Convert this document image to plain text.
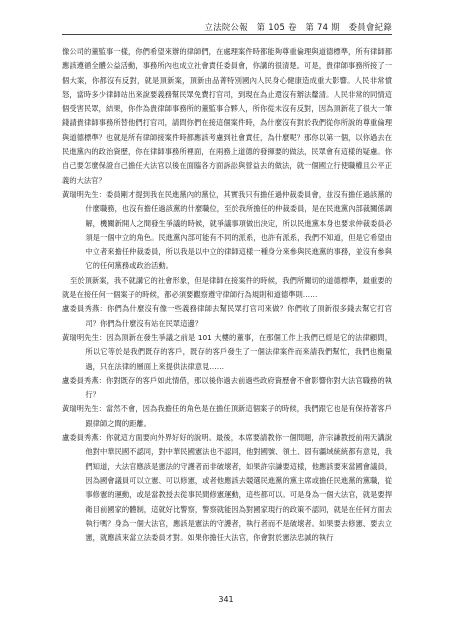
立法院公報　第 105 卷　第 74 期　委員會紀錄

像公司的董監事一樣，你們希望來辦的律師們，在處理案件時都能夠尊重倫理與道德標準，所有律師都應該遵循全體公益活動，事務所內也成立社會責任委員會，你講的很清楚。可是，貴律師事務所接了一個大案，你都沒有反對，就是頂新案，頂新由品菁特別國內人民身心健康造成重大影響。人民非常憤怒，當時多少律師站出來說要義務幫民眾免費打官司，到現在為止還沒有辦法釐清。人民非常的同情這個受害民眾，結果，你作為貴律師事務所的董監事合夥人，所你從未沒有反對，因為頂新花了很大一筆錢請貴律師事務所替他們打官司，請問你們在接這個案件時，為什麼沒有對於我們從你所說的尊重倫理與道德標準？也就是所有律師接案件時都應該考慮到社會責任，為什麼呢？那你以第一個，以你過去在民進黨內的政治資歷，你在律師事務所裡面，在兩務上道德的發揮要的做法，民眾會有這樣的疑慮。你自己要怎麼保證自己擔任大法官以後在面臨各方面訴訟與營益去的做法，就一個國立行使職權且公平正義的大法官？

黃瑞明先生：委員剛才提到我在民進黨內的黨位，其實我只有擔任過仲裁委員會，並沒有擔任過該黨的什麼職務，也沒有擔任過該黨的什麼職位，至於我所擔任的仲裁委員，是在民進黨內部裁關係調解，機關新開人之間發生爭議的時候，就爭議事項做出決定，所以民進黨本身也要求仲裁委員必須是一個中立的角色。民進黨內部可能有不同的派系，也許有派系，我們不知道，但是它希望由中立者來擔任仲裁委員，所以我是以中立的律師這樣一種身分來參與民進黨的事務，並沒有參與它的任何黨務或政治活動。

至於頂新案，我不就講它的社會形象，但是律師在接案件的時候，我們所關切的道德標準，最重要的就是在接任何一個案子的時候，都必須要觀察遵守律師行為規則和道德準則……

盧委員秀燕：你們為什麼沒有像一些義務律師去幫民眾打官司來做？你們收了頂新很多錢去幫它打官司？你們為什麼沒有站在民眾這邊？

黃瑞明先生：因為頂新在發生爭議之前是 101 大樓的董事，在那個工作上我們已經是它的法律顧問，所以它等於是我們既存的客戶，既存的客戶發生了一個法律案件而來請我們幫忙，我們也衡量過，只在法律的層面上來提供法律意見……

盧委員秀燕：你對既存的客戶如此情借，那以後你過去前過些政府資歷會不會影響你對大法官職務的執行？

黃瑞明先生：當然不會，因為我擔任的角色是在擔任頂新這個案子的時候，我們跟它也是有保持著客戶跟律師之間的距離。

盧委員秀燕：你就這方面要向外界好好的說明。最後，本席要請教你一個問題，許宗謙教授前兩天講說他對中華民國不認同，對中華民國憲法也不認同，他對國號、領土、固有疆域統統都有意見，我們知道，大法官應該是憲法的守護者而非破壞者，如果許宗謙要這樣，他應該要來當國會議員，因為國會議員可以立憲、可以修憲，或者他應該去競選民進黨的黨主席或擔任民進黨的黨職，從事修憲的運動，或是當教授去從事民間修憲運動，這些都可以。可是身為一個大法官，就是要捍衛目前國家的體制，這就好比警察，警察就能因為對國家現行的政策不認同，就是在任何方面去執行嗎？身為一個大法官，應該是憲法的守護者，執行者而不是破壞者。如果要去修憲、要去立憲，就應該來當立法委員才對。如果你擔任大法官，你會對於憲法忠誠的執行

341
